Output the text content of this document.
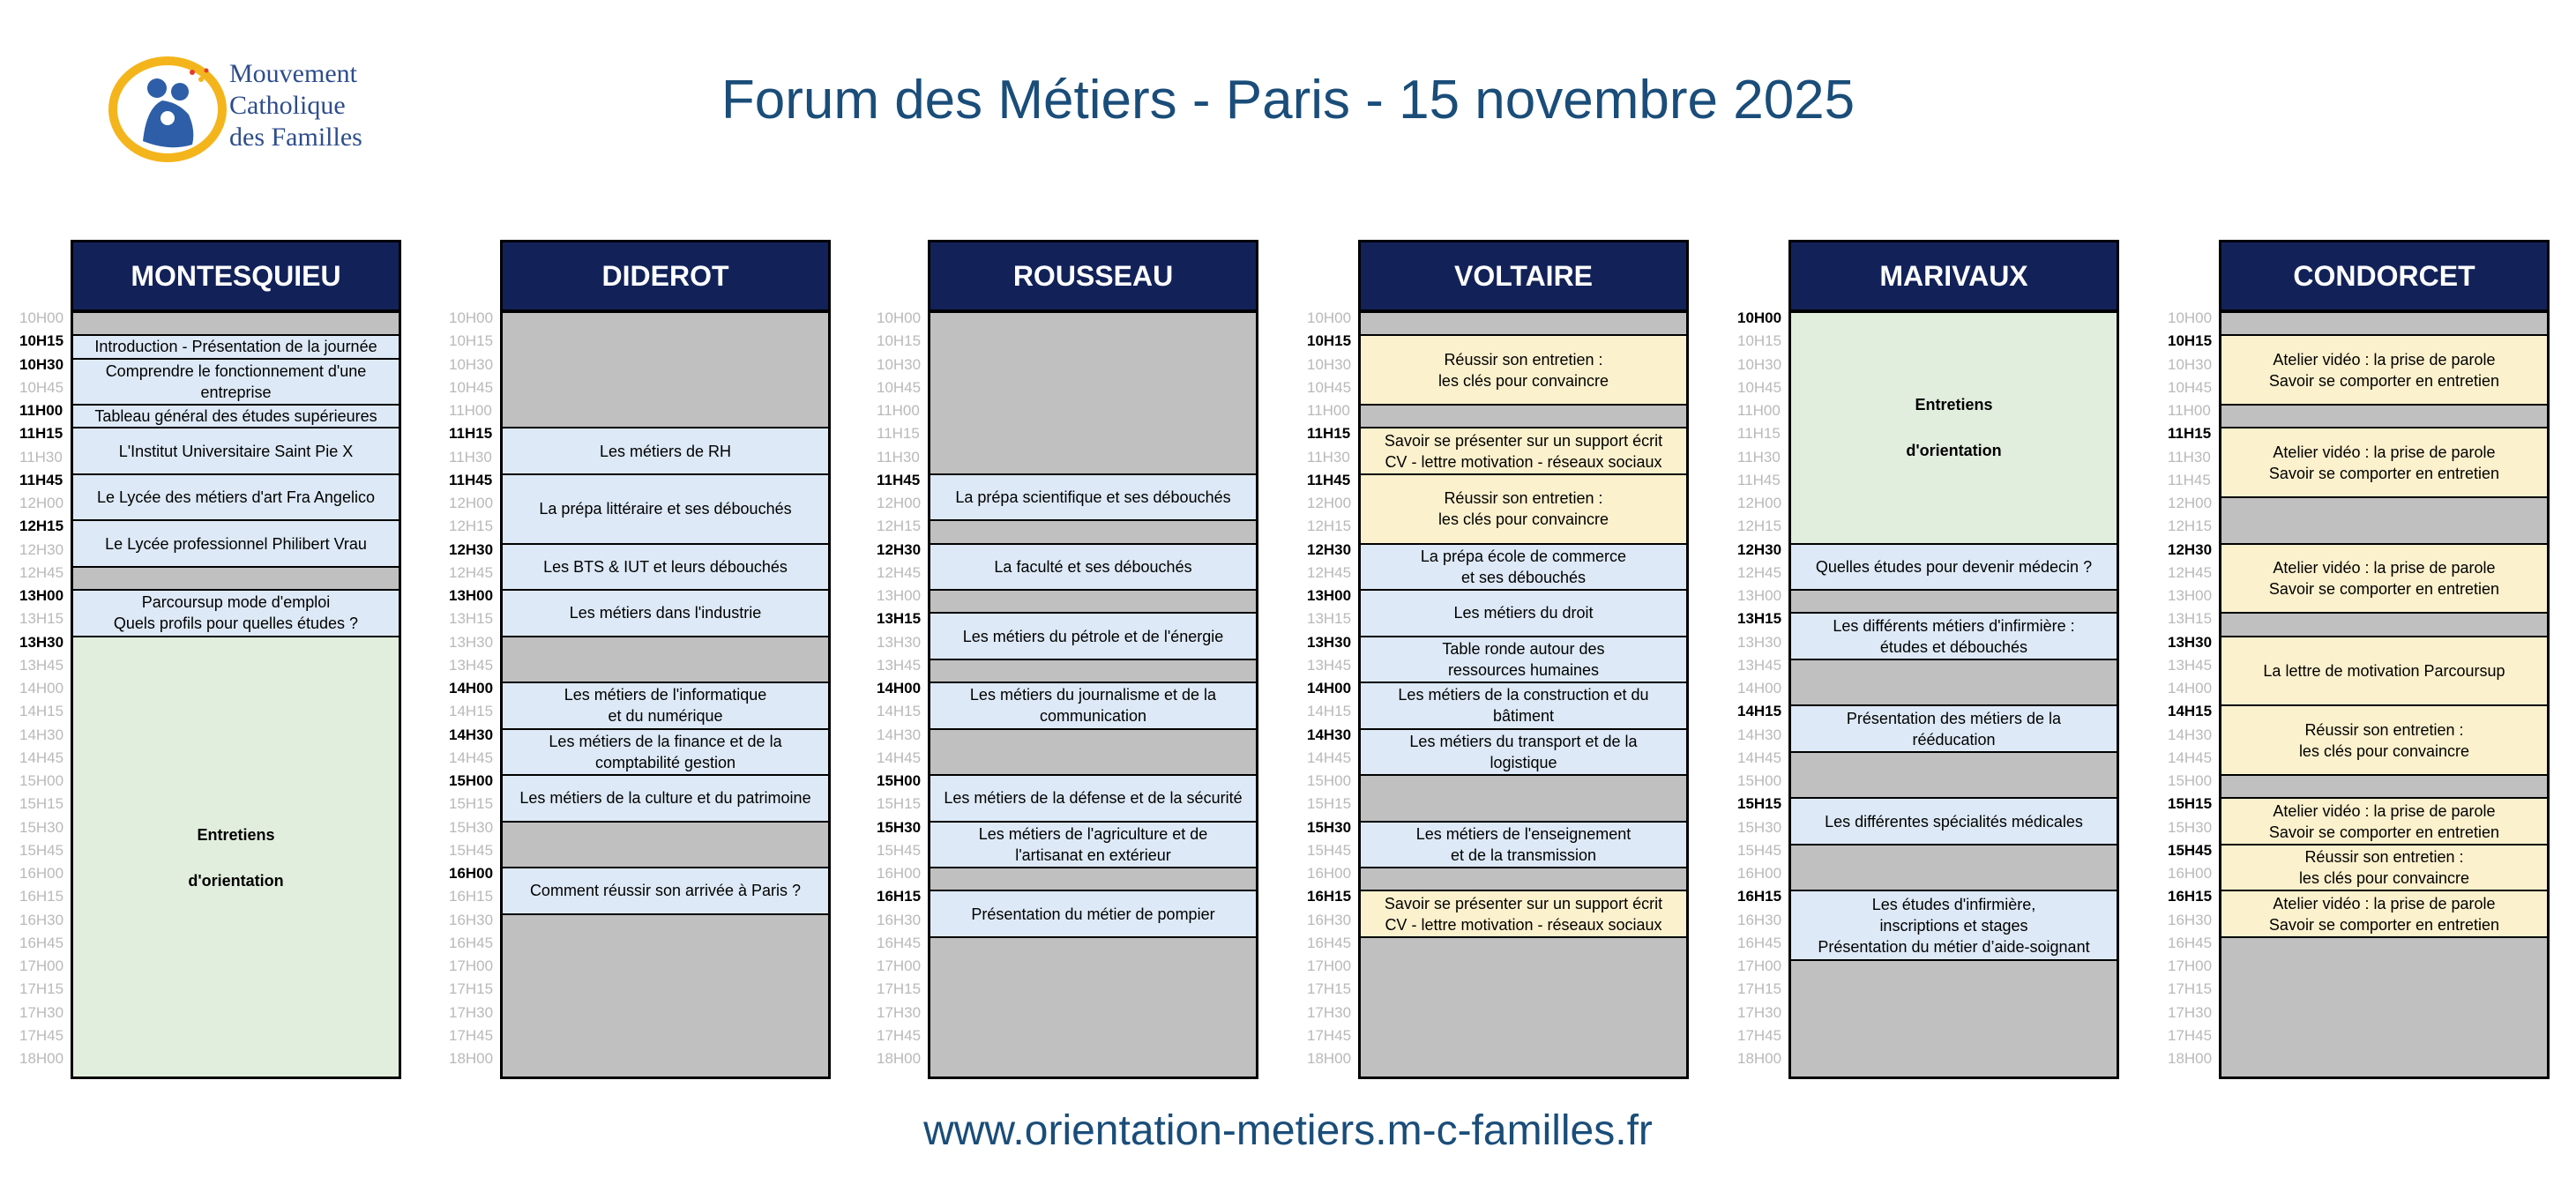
Mouvement
Catholique
des Familles
Forum des Métiers - Paris - 15 novembre 2025
MONTESQUIEU
10H00
10H15
10H30
10H45
11H00
11H15
11H30
11H45
12H00
12H15
12H30
12H45
13H00
13H15
13H30
13H45
14H00
14H15
14H30
14H45
15H00
15H15
15H30
15H45
16H00
16H15
16H30
16H45
17H00
17H15
17H30
17H45
18H00
Introduction - Présentation de la journée
Comprendre le fonctionnement d'une
entreprise
Tableau général des études supérieures
L'Institut Universitaire Saint Pie X
Le Lycée des métiers d'art Fra Angelico
Le Lycée professionnel Philibert Vrau
Parcoursup mode d'emploi
Quels profils pour quelles études ?
Entretiens
d'orientation
DIDEROT
10H00
10H15
10H30
10H45
11H00
11H15
11H30
11H45
12H00
12H15
12H30
12H45
13H00
13H15
13H30
13H45
14H00
14H15
14H30
14H45
15H00
15H15
15H30
15H45
16H00
16H15
16H30
16H45
17H00
17H15
17H30
17H45
18H00
Les métiers de RH
La prépa littéraire et ses débouchés
Les BTS & IUT et leurs débouchés
Les métiers dans l'industrie
Les métiers de l'informatique
et du numérique
Les métiers de la finance et de la
comptabilité gestion
Les métiers de la culture et du patrimoine
Comment réussir son arrivée à Paris ?
ROUSSEAU
10H00
10H15
10H30
10H45
11H00
11H15
11H30
11H45
12H00
12H15
12H30
12H45
13H00
13H15
13H30
13H45
14H00
14H15
14H30
14H45
15H00
15H15
15H30
15H45
16H00
16H15
16H30
16H45
17H00
17H15
17H30
17H45
18H00
La prépa scientifique et ses débouchés
La faculté et ses débouchés
Les métiers du pétrole et de l'énergie
Les métiers du journalisme et de la
communication
Les métiers de la défense et de la sécurité
Les métiers de l'agriculture et de
l'artisanat en extérieur
Présentation du métier de pompier
VOLTAIRE
10H00
10H15
10H30
10H45
11H00
11H15
11H30
11H45
12H00
12H15
12H30
12H45
13H00
13H15
13H30
13H45
14H00
14H15
14H30
14H45
15H00
15H15
15H30
15H45
16H00
16H15
16H30
16H45
17H00
17H15
17H30
17H45
18H00
Réussir son entretien :
les clés pour convaincre
Savoir se présenter sur un support écrit
CV - lettre motivation - réseaux sociaux
Réussir son entretien :
les clés pour convaincre
La prépa école de commerce
et ses débouchés
Les métiers du droit
Table ronde autour des
ressources humaines
Les métiers de la construction et du
bâtiment
Les métiers du transport et de la
logistique
Les métiers de l'enseignement
et de la transmission
Savoir se présenter sur un support écrit
CV - lettre motivation - réseaux sociaux
MARIVAUX
10H00
10H15
10H30
10H45
11H00
11H15
11H30
11H45
12H00
12H15
12H30
12H45
13H00
13H15
13H30
13H45
14H00
14H15
14H30
14H45
15H00
15H15
15H30
15H45
16H00
16H15
16H30
16H45
17H00
17H15
17H30
17H45
18H00
Entretiens
d'orientation
Quelles études pour devenir médecin ?
Les différents métiers d'infirmière :
études et débouchés
Présentation des métiers de la
rééducation
Les différentes spécialités médicales
Les études d'infirmière,
inscriptions et stages
Présentation du métier d’aide-soignant
CONDORCET
10H00
10H15
10H30
10H45
11H00
11H15
11H30
11H45
12H00
12H15
12H30
12H45
13H00
13H15
13H30
13H45
14H00
14H15
14H30
14H45
15H00
15H15
15H30
15H45
16H00
16H15
16H30
16H45
17H00
17H15
17H30
17H45
18H00
Atelier vidéo : la prise de parole
Savoir se comporter en entretien
Atelier vidéo : la prise de parole
Savoir se comporter en entretien
Atelier vidéo : la prise de parole
Savoir se comporter en entretien
La lettre de motivation Parcoursup
Réussir son entretien :
les clés pour convaincre
Atelier vidéo : la prise de parole
Savoir se comporter en entretien
Réussir son entretien :
les clés pour convaincre
Atelier vidéo : la prise de parole
Savoir se comporter en entretien
www.orientation-metiers.m-c-familles.fr
